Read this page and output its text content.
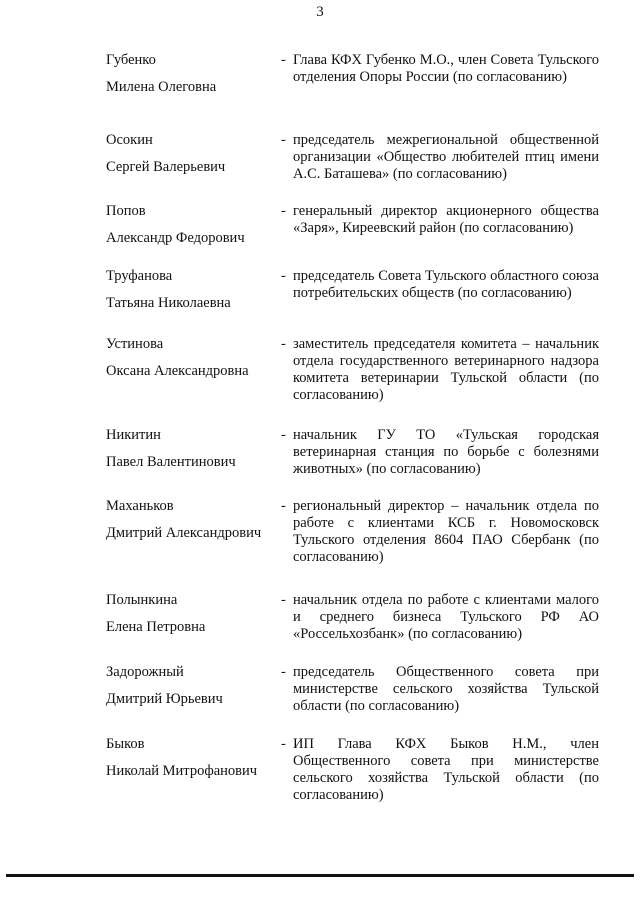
3
Губенко
Милена Олеговна
- Глава КФХ Губенко М.О., член Совета Тульского отделения Опоры России (по согласованию)
Осокин
Сергей Валерьевич
- председатель межрегиональной общественной организации «Общество любителей птиц имени А.С. Баташева» (по согласованию)
Попов
Александр Федорович
- генеральный директор акционерного общества «Заря», Киреевский район (по согласованию)
Труфанова
Татьяна Николаевна
- председатель Совета Тульского областного союза потребительских обществ (по согласованию)
Устинова
Оксана Александровна
- заместитель председателя комитета – начальник отдела государственного ветеринарного надзора комитета ветеринарии Тульской области (по согласованию)
Никитин
Павел Валентинович
- начальник ГУ ТО «Тульская городская ветеринарная станция по борьбе с болезнями животных» (по согласованию)
Маханьков
Дмитрий Александрович
- региональный директор – начальник отдела по работе с клиентами КСБ г. Новомосковск Тульского отделения 8604 ПАО Сбербанк (по согласованию)
Полынкина
Елена Петровна
- начальник отдела по работе с клиентами малого и среднего бизнеса Тульского РФ АО «Россельхозбанк» (по согласованию)
Задорожный
Дмитрий Юрьевич
- председатель Общественного совета при министерстве сельского хозяйства Тульской области (по согласованию)
Быков
Николай Митрофанович
- ИП Глава КФХ Быков Н.М., член Общественного совета при министерстве сельского хозяйства Тульской области (по согласованию)
